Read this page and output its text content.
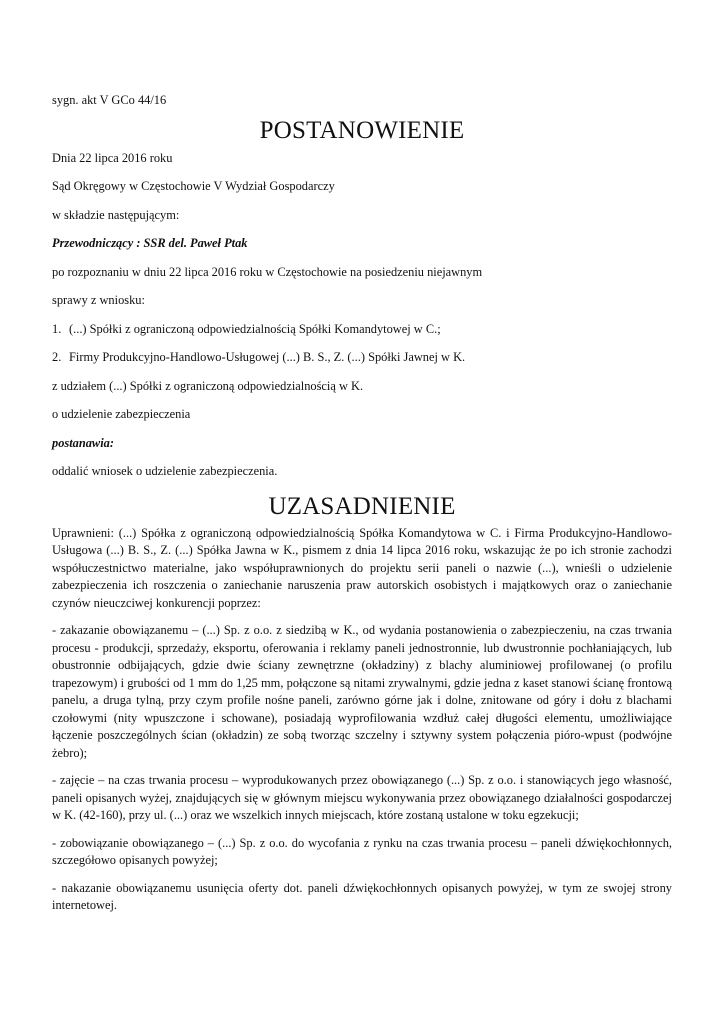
sygn. akt V GCo 44/16

POSTANOWIENIE

Dnia 22 lipca 2016 roku

Sąd Okręgowy w Częstochowie V Wydział Gospodarczy

w składzie następującym:

Przewodniczący : SSR del. Paweł Ptak

po rozpoznaniu w dniu 22 lipca 2016 roku w Częstochowie na posiedzeniu niejawnym

sprawy z wniosku:

1. (...) Spółki z ograniczoną odpowiedzialnością Spółki Komandytowej w C.;

2. Firmy Produkcyjno-Handlowo-Usługowej (...) B. S., Z. (...) Spółki Jawnej w K.

z udziałem (...) Spółki z ograniczoną odpowiedzialnością w K.

o udzielenie zabezpieczenia

postanawia:

oddalić wniosek o udzielenie zabezpieczenia.

UZASADNIENIE

Uprawnieni: (...) Spółka z ograniczoną odpowiedzialnością Spółka Komandytowa w C. i Firma Produkcyjno-Handlowo-Usługowa (...) B. S., Z. (...) Spółka Jawna w K., pismem z dnia 14 lipca 2016 roku, wskazując że po ich stronie zachodzi współuczestnictwo materialne, jako współuprawnionych do projektu serii paneli o nazwie (...), wnieśli o udzielenie zabezpieczenia ich roszczenia o zaniechanie naruszenia praw autorskich osobistych i majątkowych oraz o zaniechanie czynów nieuczciwej konkurencji poprzez:

- zakazanie obowiązanemu – (...) Sp. z o.o. z siedzibą w K., od wydania postanowienia o zabezpieczeniu, na czas trwania procesu - produkcji, sprzedaży, eksportu, oferowania i reklamy paneli jednostronnie, lub dwustronnie pochłaniających, lub obustronnie odbijających, gdzie dwie ściany zewnętrzne (okładziny) z blachy aluminiowej profilowanej (o profilu trapezowym) i grubości od 1 mm do 1,25 mm, połączone są nitami zrywalnymi, gdzie jedna z kaset stanowi ścianę frontową panelu, a druga tylną, przy czym profile nośne paneli, zarówno górne jak i dolne, znitowane od góry i dołu z blachami czołowymi (nity wpuszczone i schowane), posiadają wyprofilowania wzdłuż całej długości elementu, umożliwiające łączenie poszczególnych ścian (okładzin) ze sobą tworząc szczelny i sztywny system połączenia pióro-wpust (podwójne żebro);

- zajęcie – na czas trwania procesu – wyprodukowanych przez obowiązanego (...) Sp. z o.o. i stanowiących jego własność, paneli opisanych wyżej, znajdujących się w głównym miejscu wykonywania przez obowiązanego działalności gospodarczej w K. (42-160), przy ul. (...) oraz we wszelkich innych miejscach, które zostaną ustalone w toku egzekucji;

- zobowiązanie obowiązanego – (...) Sp. z o.o. do wycofania z rynku na czas trwania procesu – paneli dźwiękochłonnych, szczegółowo opisanych powyżej;

- nakazanie obowiązanemu usunięcia oferty dot. paneli dźwiękochłonnych opisanych powyżej, w tym ze swojej strony internetowej.
